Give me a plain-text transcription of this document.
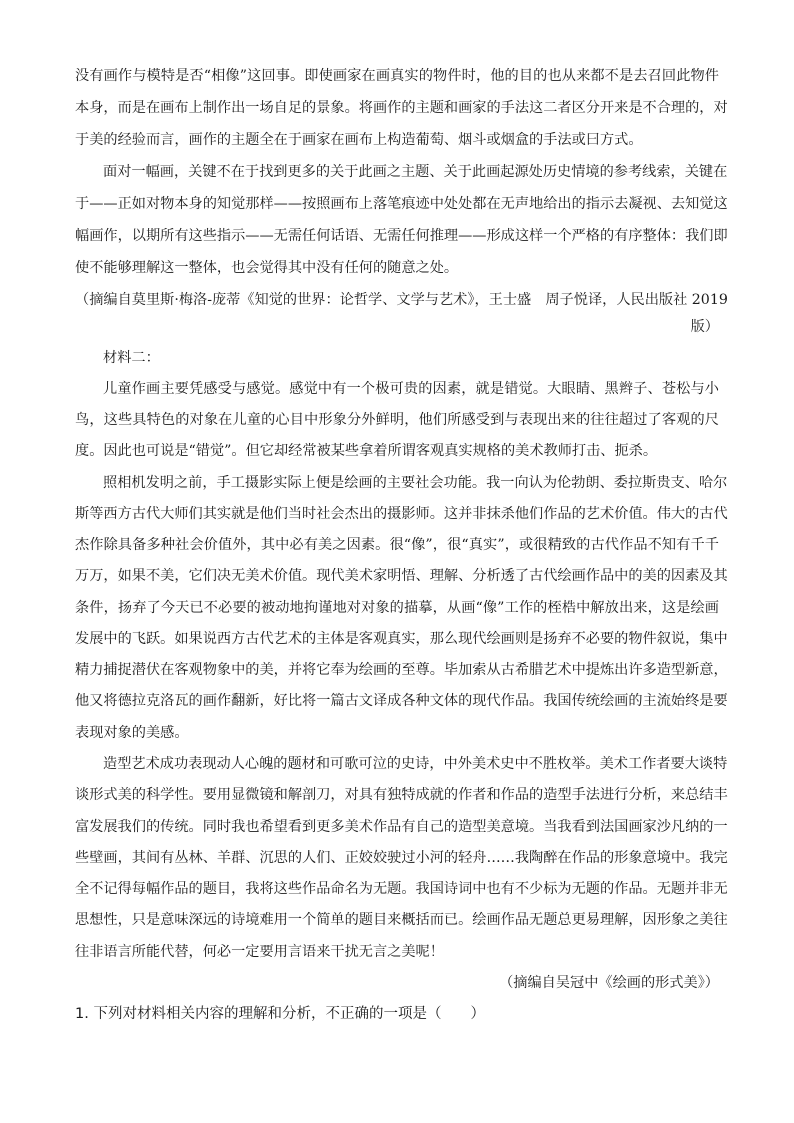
没有画作与模特是否“相像”这回事。即使画家在画真实的物件时，他的目的也从来都不是去召回此物件
本身，而是在画布上制作出一场自足的景象。将画作的主题和画家的手法这二者区分开来是不合理的，对
于美的经验而言，画作的主题全在于画家在画布上构造葡萄、烟斗或烟盒的手法或曰方式。
面对一幅画，关键不在于找到更多的关于此画之主题、关于此画起源处历史情境的参考线索，关键在
于——正如对物本身的知觉那样——按照画布上落笔痕迹中处处都在无声地给出的指示去凝视、去知觉这
幅画作，以期所有这些指示——无需任何话语、无需任何推理——形成这样一个严格的有序整体：我们即
使不能够理解这一整体，也会觉得其中没有任何的随意之处。
（摘编自莫里斯·梅洛-庞蒂《知觉的世界：论哲学、文学与艺术》，王士盛　周子悦译，人民出版社 2019
版）
材料二：
儿童作画主要凭感受与感觉。感觉中有一个极可贵的因素，就是错觉。大眼睛、黑辫子、苍松与小
鸟，这些具特色的对象在儿童的心目中形象分外鲜明，他们所感受到与表现出来的往往超过了客观的尺
度。因此也可说是“错觉”。但它却经常被某些拿着所谓客观真实规格的美术教师打击、扼杀。
照相机发明之前，手工摄影实际上便是绘画的主要社会功能。我一向认为伦勃朗、委拉斯贵支、哈尔
斯等西方古代大师们其实就是他们当时社会杰出的摄影师。这并非抹杀他们作品的艺术价值。伟大的古代
杰作除具备多种社会价值外，其中必有美之因素。很“像”，很“真实”，或很精致的古代作品不知有千千
万万，如果不美，它们决无美术价值。现代美术家明悟、理解、分析透了古代绘画作品中的美的因素及其
条件，扬弃了今天已不必要的被动地拘谨地对对象的描摹，从画“像”工作的桎梏中解放出来，这是绘画
发展中的飞跃。如果说西方古代艺术的主体是客观真实，那么现代绘画则是扬弃不必要的物件叙说，集中
精力捕捉潜伏在客观物象中的美，并将它奉为绘画的至尊。毕加索从古希腊艺术中提炼出许多造型新意，
他又将德拉克洛瓦的画作翻新，好比将一篇古文译成各种文体的现代作品。我国传统绘画的主流始终是要
表现对象的美感。
造型艺术成功表现动人心魄的题材和可歌可泣的史诗，中外美术史中不胜枚举。美术工作者要大谈特
谈形式美的科学性。要用显微镜和解剖刀，对具有独特成就的作者和作品的造型手法进行分析，来总结丰
富发展我们的传统。同时我也希望看到更多美术作品有自己的造型美意境。当我看到法国画家沙凡纳的一
些壁画，其间有丛林、羊群、沉思的人们、正姣姣驶过小河的轻舟……我陶醉在作品的形象意境中。我完
全不记得每幅作品的题目，我将这些作品命名为无题。我国诗词中也有不少标为无题的作品。无题并非无
思想性，只是意味深远的诗境难用一个简单的题目来概括而已。绘画作品无题总更易理解，因形象之美往
往非语言所能代替，何必一定要用言语来干扰无言之美呢！
（摘编自吴冠中《绘画的形式美》）
1. 下列对材料相关内容的理解和分析，不正确的一项是（　　）
